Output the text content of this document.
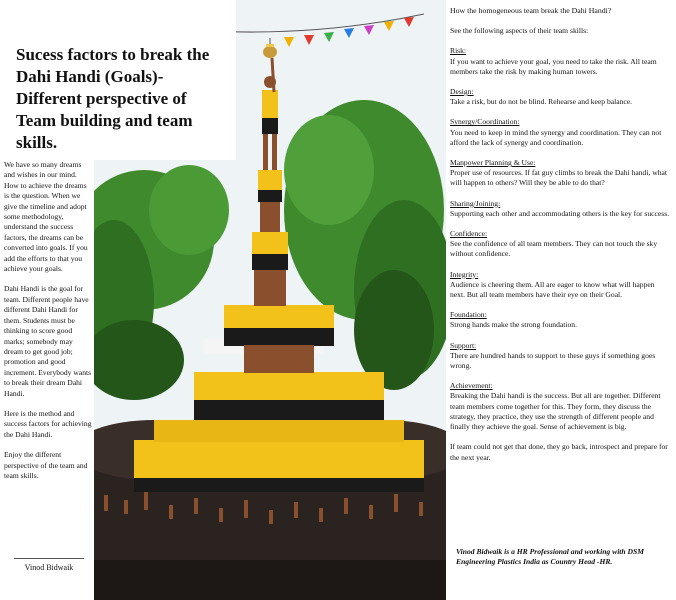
Sucess factors to break the Dahi Handi (Goals)- Different perspective of Team building and team skills.

We have so many dreams and wishes in our mind. How to achieve the dreams is the question. When we give the timeline and adopt some methodology, understand the success factors, the dreams can be converted into goals. If you add the efforts to that you achieve your goals.

Dahi Handi is the goal for team. Different people have different Dahi Handi for them. Students must be thinking to score good marks; somebody may dream to get good job; promotion and good increment. Everybody wants to break their dream Dahi Handi.

Here is the method and success factors for achieving the Dahi Handi.

Enjoy the different perspective of the team and team skills.

Vinod Bidwaik
How the homogeneous team break the Dahi Handi?
See the following aspects of their team skills:
Risk:
If you want to achieve your goal, you need to take the risk. All team members take the risk by making human towers.
Design:
Take a risk, but do not be blind. Rehearse and keep balance.
Synergy/Coordination:
You need to keep in mind the synergy and coordination. They can not afford the lack of synergy and coordination.
Manpower Planning & Use:
Proper use of resources. If fat guy climbs to break the Dahi handi, what will happen to others? Will they be able to do that?
Sharing/Joining:
Supporting each other and accommodating others is the key for success.
Confidence:
See the confidence of all team members. They can not touch the sky without confidence.
Integrity:
Audience is cheering them. All are eager to know what will happen next. But all team members have their eye on their Goal.
Foundation:
Strong hands make the strong foundation.
Support:
There are hundred hands to support to these guys if something goes wrong.
Achievement:
Breaking the Dahi handi is the success. But all are together. Different team members come together for this. They form, they discuss the strategy, they practice, they use the strength of different people and finally they achieve the goal. Sense of achievement is big.
If team could not get that done, they go back, introspect and prepare for the next year.
Vinod Bidwaik is a HR Professional and working with DSM Engineering Plastics India as Country Head -HR.
